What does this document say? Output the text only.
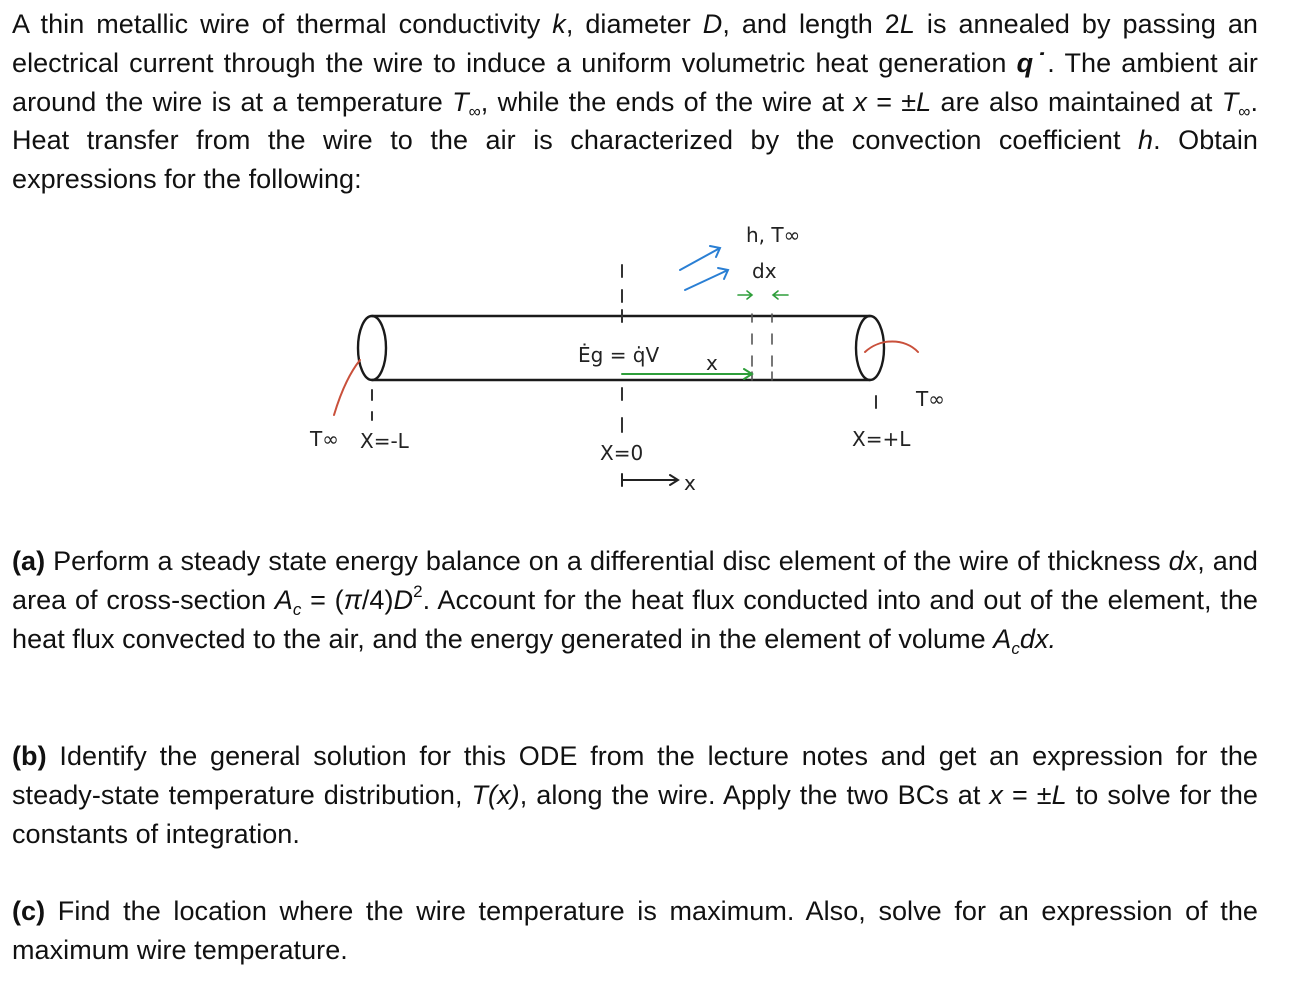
A thin metallic wire of thermal conductivity k, diameter D, and length 2L is annealed by passing an electrical current through the wire to induce a uniform volumetric heat generation q˙. The ambient air around the wire is at a temperature $T_\infty$, while the ends of the wire at x = ±L are also maintained at $T_\infty$. Heat transfer from the wire to the air is characterized by the convection coefficient h. Obtain expressions for the following:
h, T∞
dx
Ėg = q̇V x
T∞ X=-L	X=0
x
X=+L
T∞
(a) Perform a steady state energy balance on a differential disc element of the wire of thickness dx, and area of cross-section $A_c = (\pi/4)D^2$. Account for the heat flux conducted into and out of the element, the heat flux convected to the air, and the energy generated in the element of volume $A_cdx$.
(b) Identify the general solution for this ODE from the lecture notes and get an expression for the steady-state temperature distribution, T(x), along the wire. Apply the two BCs at x = ±L to solve for the constants of integration.
(c) Find the location where the wire temperature is maximum. Also, solve for an expression of the maximum wire temperature.
